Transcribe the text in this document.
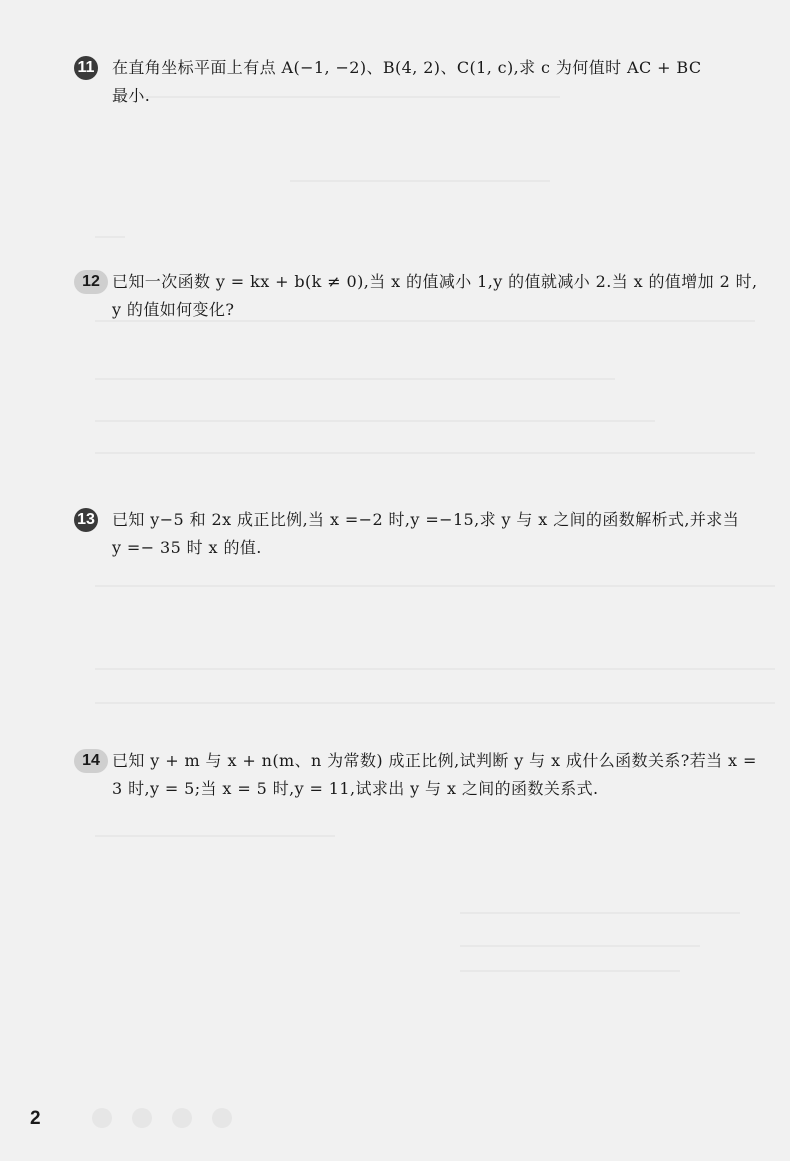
11 在直角坐标平面上有点 A(−1, −2)、B(4, 2)、C(1, c),求 c 为何值时 AC + BC
最小.
12 已知一次函数 y = kx + b(k ≠ 0),当 x 的值减小 1,y 的值就减小 2.当 x 的值增加 2 时,
y 的值如何变化?
13 已知 y−5 和 2x 成正比例,当 x =−2 时,y =−15,求 y 与 x 之间的函数解析式,并求当
y =− 35 时 x 的值.
14 已知 y + m 与 x + n(m、n 为常数) 成正比例,试判断 y 与 x 成什么函数关系?若当 x =
3 时,y = 5;当 x = 5 时,y = 11,试求出 y 与 x 之间的函数关系式.
2
